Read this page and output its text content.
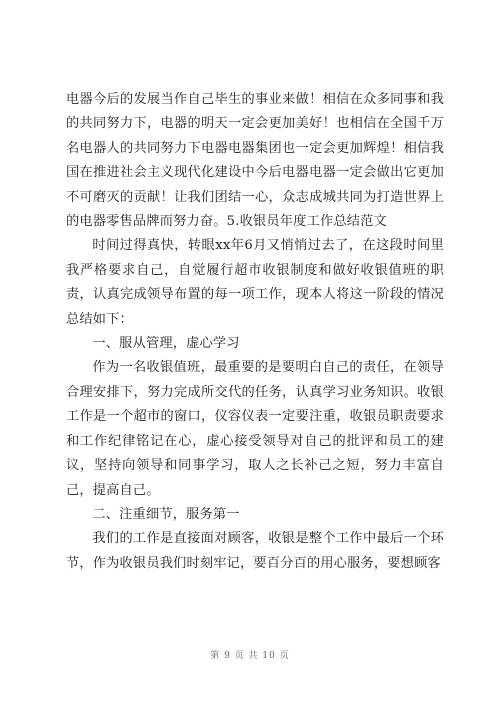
电器今后的发展当作自己毕生的事业来做！相信在众多同事和我的共同努力下，电器的明天一定会更加美好！也相信在全国千万名电器人的共同努力下电器电器集团也一定会更加辉煌！相信我国在推进社会主义现代化建设中今后电器电器一定会做出它更加不可磨灭的贡献！让我们团结一心，众志成城共同为打造世界上的电器零售品牌而努力奋。5.收银员年度工作总结范文

时间过得真快，转眼xx年6月又悄悄过去了，在这段时间里我严格要求自己，自觉履行超市收银制度和做好收银值班的职责，认真完成领导布置的每一项工作，现本人将这一阶段的情况总结如下：

一、服从管理，虚心学习

作为一名收银值班，最重要的是要明白自己的责任，在领导合理安排下，努力完成所交代的任务，认真学习业务知识。收银工作是一个超市的窗口，仪容仪表一定要注重，收银员职责要求和工作纪律铭记在心，虚心接受领导对自己的批评和员工的建议，坚持向领导和同事学习，取人之长补己之短，努力丰富自己，提高自己。

二、注重细节，服务第一

我们的工作是直接面对顾客，收银是整个工作中最后一个环节，作为收银员我们时刻牢记，要百分百的用心服务，要想顾客

第 9 页 共 10 页
